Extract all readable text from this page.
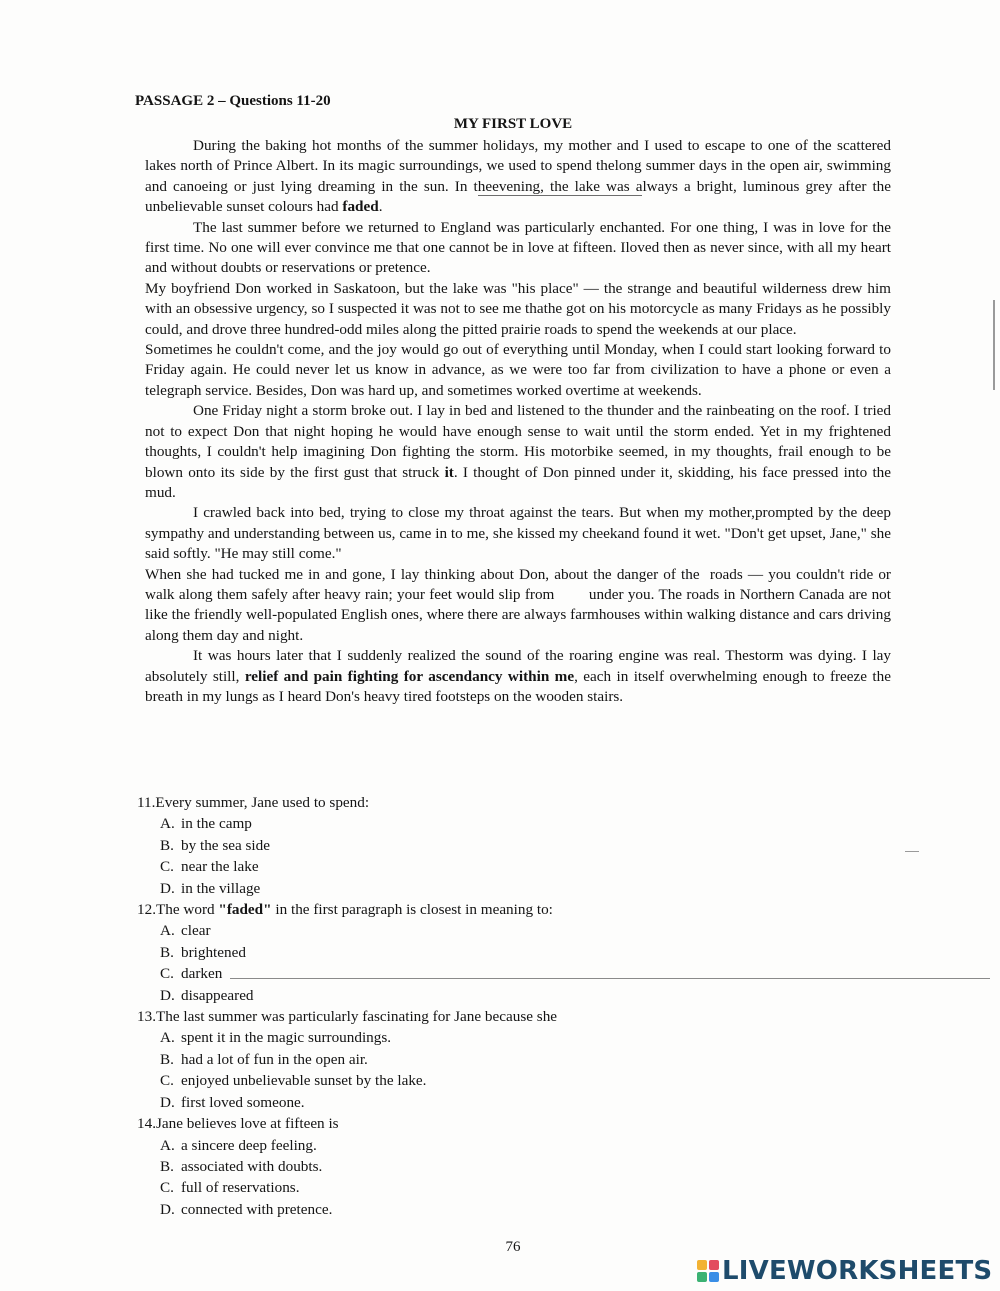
PASSAGE 2 – Questions 11-20
MY FIRST LOVE

During the baking hot months of the summer holidays, my mother and I used to escape to one of the scattered lakes north of Prince Albert. In its magic surroundings, we used to spend thelong summer days in the open air, swimming and canoeing or just lying dreaming in the sun. In theevening, the lake was always a bright, luminous grey after the unbelievable sunset colours had faded.

The last summer before we returned to England was particularly enchanted. For one thing, I was in love for the first time. No one will ever convince me that one cannot be in love at fifteen. Iloved then as never since, with all my heart and without doubts or reservations or pretence.

My boyfriend Don worked in Saskatoon, but the lake was "his place" — the strange and beautiful wilderness drew him with an obsessive urgency, so I suspected it was not to see me thathe got on his motorcycle as many Fridays as he possibly could, and drove three hundred-odd miles along the pitted prairie roads to spend the weekends at our place.

Sometimes he couldn't come, and the joy would go out of everything until Monday, when I could start looking forward to Friday again. He could never let us know in advance, as we were too far from civilization to have a phone or even a telegraph service. Besides, Don was hard up, and sometimes worked overtime at weekends.

One Friday night a storm broke out. I lay in bed and listened to the thunder and the rainbeating on the roof. I tried not to expect Don that night hoping he would have enough sense to wait until the storm ended. Yet in my frightened thoughts, I couldn't help imagining Don fighting the storm. His motorbike seemed, in my thoughts, frail enough to be blown onto its side by the first gust that struck it. I thought of Don pinned under it, skidding, his face pressed into the mud.

I crawled back into bed, trying to close my throat against the tears. But when my mother,prompted by the deep sympathy and understanding between us, came in to me, she kissed my cheekand found it wet. "Don't get upset, Jane," she said softly. "He may still come."

When she had tucked me in and gone, I lay thinking about Don, about the danger of the  roads — you couldn't ride or walk along them safely after heavy rain; your feet would slip from        under you. The roads in Northern Canada are not like the friendly well-populated English ones, where there are always farmhouses within walking distance and cars driving along them day and night.

It was hours later that I suddenly realized the sound of the roaring engine was real. Thestorm was dying. I lay absolutely still, relief and pain fighting for ascendancy within me, each in itself overwhelming enough to freeze the breath in my lungs as I heard Don's heavy tired footsteps on the wooden stairs.

11.Every summer, Jane used to spend:

A. in the camp

B. by the sea side

C. near the lake

D. in the village

12.The word "faded" in the first paragraph is closest in meaning to:

A. clear

B. brightened

C. darken

D. disappeared

13.The last summer was particularly fascinating for Jane because she

A. spent it in the magic surroundings.

B. had a lot of fun in the open air.

C. enjoyed unbelievable sunset by the lake.

D. first loved someone.

14.Jane believes love at fifteen is

A. a sincere deep feeling.

B. associated with doubts.

C. full of reservations.

D. connected with pretence.

76
LIVEWORKSHEETS
